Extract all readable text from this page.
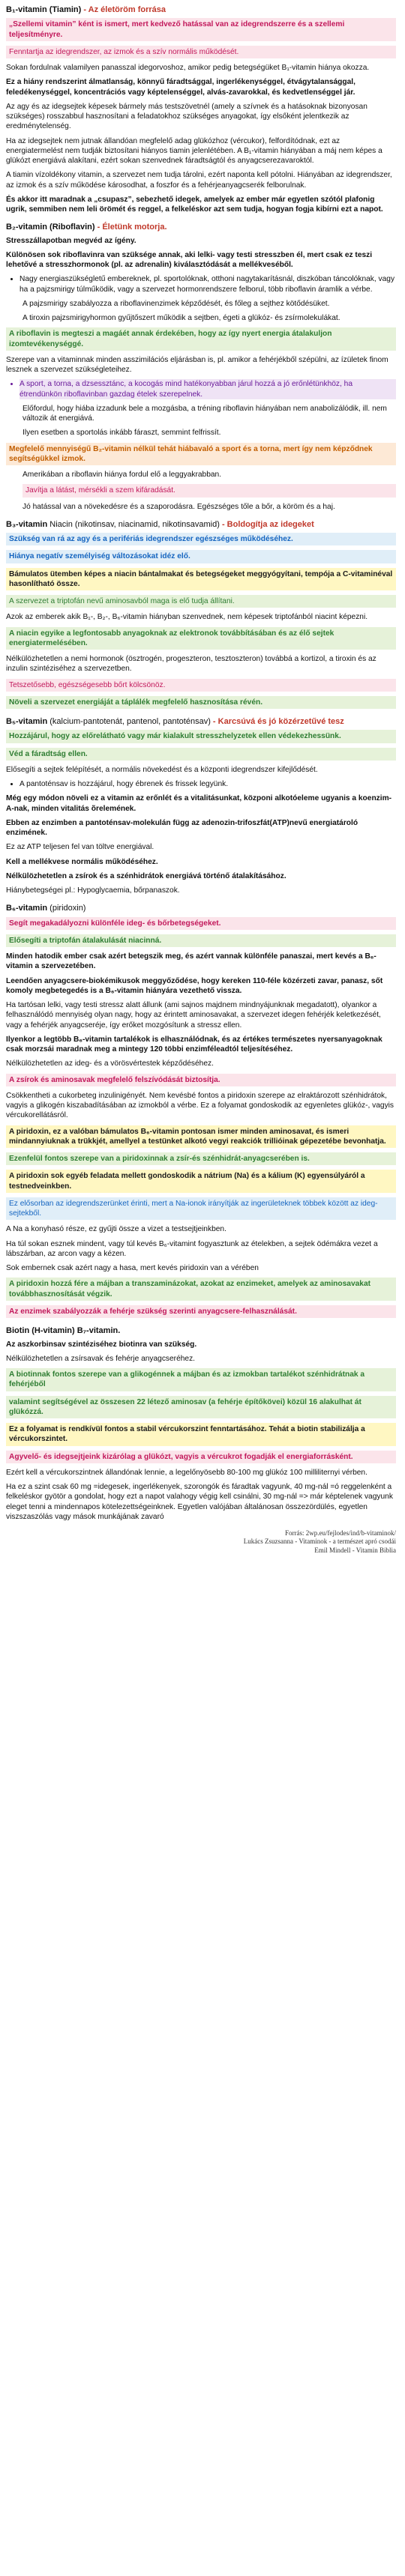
B₁-vitamin (Tiamin) - Az életöröm forrása
„Szellemi vitamin” ként is ismert, mert kedvező hatással van az idegrendszerre és a szellemi teljesítményre.
Fenntartja az idegrendszer, az izmok és a szív normális működését.

Sokan fordulnak valamilyen panasszal idegorvoshoz, amikor pedig betegségüket B₁-vitamin hiánya okozza.

Ez a hiány rendszerint álmatlanság, könnyű fáradtsággal, ingerlékenységgel, étvágytalansággal, feledékenységgel, koncentrációs vagy képtelenséggel, alvás-zavarokkal, és kedvetlenséggel jár.

Az agy és az idegsejtek képesek bármely más testszövetnél (amely a szívnek és a hatásoknak bizonyosan szükséges) rosszabbul hasznosítani a feladatokhoz szükséges anyagokat, így elsőként jelentkezik az eredménytelenség.

Ha az idegsejtek nem jutnak állandóan megfelelő adag glükózhoz (vércukor), felfordítódnak, ezt az energiatermelést nem tudják biztosítani hiányos tiamin jelenlétében. A B₁-vitamin hiányában a máj nem képes a glükózt energiává alakítani, ezért sokan szenvednek fáradtságtól és anyagcserezavaroktól.

A tiamin vízoldékony vitamin, a szervezet nem tudja tárolni, ezért naponta kell pótolni. Hiányában az idegrendszer, az izmok és a szív működése károsodhat, a foszfor és a fehérjeanyagcserék felborulnak.

És akkor itt maradnak a „csupasz”, sebezhető idegek, amelyek az ember már egyetlen szótól plafonig ugrik, semmiben nem leli örömét és reggel, a felkeléskor azt sem tudja, hogyan fogja kibírni ezt a napot.

B₂-vitamin (Riboflavin) - Életünk motorja.

Stresszállapotban megvéd az ígény.

Különösen sok riboflavinra van szüksége annak, aki lelki- vagy testi stresszben él, mert csak ez teszi lehetővé a stresszhormonok (pl. az adrenalin) kiválasztódását a mellékveséből.

• Nagy energiaszükségletű embereknek, pl. sportolóknak, otthoni nagytakarításnál, diszkóban táncolóknak, vagy ha a pajzsmirigy túlműködik, vagy a szervezet hormonrendszere felborul, több riboflavin áramlik a vérbe.

A pajzsmirigy szabályozza a riboflavinenzimek képződését, és főleg a sejthez kötődésüket.

A tiroxin pajzsmirigyhormon gyűjtőszert működik a sejtben, égeti a glükóz- és zsírmolekulákat.

A riboflavin is megteszi a magáét annak érdekében, hogy az így nyert energia átalakuljon izomtevékenységgé.

Szerepe van a vitaminnak minden asszimilációs eljárásban is, pl. amikor a fehérjékből szépülni, az ízületek finom lesznek a szervezet szükségleteihez.

• A sport, a torna, a dzsessztánc, a kocogás mind hatékonyabban járul hozzá a jó erőnlétünkhöz, ha étrendünkön riboflavinban gazdag ételek szerepelnek.

Előfordul, hogy hiába izzadunk bele a mozgásba, a tréning riboflavin hiányában nem anabolizálódik, ill. nem változik át energiává.

Ilyen esetben a sportolás inkább fáraszt, semmint felfrissít.

Megfelelő mennyiségű B₂-vitamin nélkül tehát hiábavaló a sport és a torna, mert így nem képződnek segítségükkel izmok.

Amerikában a riboflavin hiánya fordul elő a leggyakrabban.

Javítja a látást, mérsékli a szem kifáradását.

Jó hatással van a növekedésre és a szaporodásra. Egészséges tőle a bőr, a köröm és a haj.

B₃-vitamin Niacin (nikotinsav, niacinamid, nikotinsavamid) - Boldogítja az idegeket
Szükség van rá az agy és a perifériás idegrendszer egészséges működéséhez.
Hiánya negatív személyiség változásokat idéz elő.
Bámulatos ütemben képes a niacin bántalmakat és betegségeket meggyógyítani, tempója a C-vitaminéval hasonlítható össze.
A szervezet a triptofán nevű aminosavból maga is elő tudja állítani.

Azok az emberek akik B₁-, B₂-, B₆-vitamin hiányban szenvednek, nem képesek triptofánból niacint képezni.

A niacin egyike a legfontosabb anyagoknak az elektronok továbbításában és az élő sejtek energiatermelésében.

Nélkülözhetetlen a nemi hormonok (ösztrogén, progeszteron, tesztoszteron) továbbá a kortizol, a tiroxin és az inzulin szintéziséhez a szervezetben.

Tetszetősebb, egészségesebb bőrt kölcsönöz.
Növeli a szervezet energiáját a táplálék megfelelő hasznosítása révén.
B₅-vitamin (kalcium-pantotenát, pantenol, pantoténsav) - Karcsúvá és jó közérzetűvé tesz
Hozzájárul, hogy az előrelátható vagy már kialakult stresszhelyzetek ellen védekezhessünk.
Véd a fáradtság ellen.

Elősegíti a sejtek felépítését, a normális növekedést és a központi idegrendszer kifejlődését.

• A pantoténsav is hozzájárul, hogy ébrenek és frissek legyünk.

Még egy módon növeli ez a vitamin az erőnlét és a vitalitásunkat, közponi alkotóeleme ugyanis a koenzim-A-nak, minden vitalitás õrelemének.

Ebben az enzimben a pantoténsav-molekulán függ az adenozin-trifoszfát(ATP)nevű energiatároló enzimének.

Ez az ATP teljesen fel van töltve energiával.

Kell a mellékvese normális működéséhez.

Nélkülözhetetlen a zsírok és a szénhidrátok energiává történő átalakításához.

Hiánybetegségei pl.: Hypoglycaemia, bőrpanaszok.

B₆-vitamin (piridoxin)
Segít megakadályozni különféle ideg- és bőrbetegségeket.
Elősegíti a triptofán átalakulását niacinná.

Minden hatodik ember csak azért betegszik meg, és azért vannak különféle panaszai, mert kevés a B₆-vitamin a szervezetében.

Leendően anyagcsere-biokémikusok meggyőződése, hogy kereken 110-féle közérzeti zavar, panasz, sőt komoly megbetegedés is a B₆-vitamin hiányára vezethető vissza.

Ha tartósan lelki, vagy testi stressz alatt állunk (ami sajnos majdnem mindnyájunknak megadatott), olyankor a felhasználódó mennyiség olyan nagy, hogy az érintett aminosavakat, a szervezet idegen fehérjék keletkezését, vagy a fehérjék anyagcseréje, így erőket mozgósítunk a stressz ellen.

Ilyenkor a legtöbb B₆-vitamin tartalékok is elhasználódnak, és az értékes természetes nyersanyagoknak csak morzsái maradnak meg a mintegy 120 többi enzimféleadtól teljesítéséhez.

Nélkülözhetetlen az ideg- és a vörösvértestek képződéséhez.

A zsírok és aminosavak megfelelő felszívódását biztosítja.

Csökkentheti a cukorbeteg inzulinigényét. Nem kevésbé fontos a piridoxin szerepe az elraktározott szénhidrátok, vagyis a glikogén kiszabadításában az izmokból a vérbe. Ez a folyamat gondoskodik az egyenletes glükóz-, vagyis vércukorellátásról.

A piridoxin, ez a valóban bámulatos B₆-vitamin pontosan ismer minden aminosavat, és ismeri mindannyiuknak a trükkjét, amellyel a testünket alkotó vegyi reakciók trillióinak gépezetébe bevonhatja.
Ezenfelül fontos szerepe van a piridoxinnak a zsír-és szénhidrát-anyagcserében is.
A piridoxin sok egyéb feladata mellett gondoskodik a nátrium (Na) és a kálium (K) egyensúlyáról a testnedveinkben.
Ez elősorban az idegrendszerünket érinti, mert a Na-ionok irányítják az ingerületeknek többek között az ideg-sejtekből.

A Na a konyhasó része, ez gyűjti össze a vizet a testsejtjeinkben.

Ha túl sokan esznek mindent, vagy túl kevés B₆-vitamint fogyasztunk az ételekben, a sejtek ödémákra vezet a lábszárban, az arcon vagy a kézen.

Sok embernek csak azért nagy a hasa, mert kevés piridoxin van a vérében

A piridoxin hozzá fére a májban a transzaminázokat, azokat az enzimeket, amelyek az aminosavakat továbbhasznosítását végzik.
Az enzimek szabályozzák a fehérje szükség szerinti anyagcsere-felhasználását.
Biotin (H-vitamin) B₇-vitamin.

Az aszkorbinsav szintéziséhez biotinra van szükség.

Nélkülözhetetlen a zsírsavak és fehérje anyagcseréhez.

A biotinnak fontos szerepe van a glikogénnek a májban és az izmokban tartalékot szénhidrátnak a fehérjéből
valamint segítségével az összesen 22 létező aminosav (a fehérje építőkövei) közül 16 alakulhat át glükózzá.
Ez a folyamat is rendkívül fontos a stabil vércukorszint fenntartásához. Tehát a biotin stabilizálja a vércukorszintet.
Agyvelő- és idegsejtjeink kizárólag a glükózt, vagyis a vércukrot fogadják el energiaforrásként.

Ezért kell a vércukorszintnek állandónak lennie, a legelőnyösebb 80-100 mg glükóz 100 milliliternyi vérben.

Ha ez a szint csak 60 mg =idegesek, ingerlékenyek, szorongók és fáradtak vagyunk, 40 mg-nál =ó reggelenként a felkeléskor gyötör a gondolat, hogy ezt a napot valahogy végig kell csinálni, 30 mg-nál => már képtelenek vagyunk eleget tenni a mindennapos kötelezettségeinknek. Egyetlen valójában általánosan összezördülés, egyetlen viszszaszólás vagy mások munkájának zavaró

Forrás: 2wp.eu/fejlodes/ind/b-vitaminok/
Lukács Zsuzsanna - Vitaminok - a természet apró csodái
Emil Mindell - Vitamin Biblia
